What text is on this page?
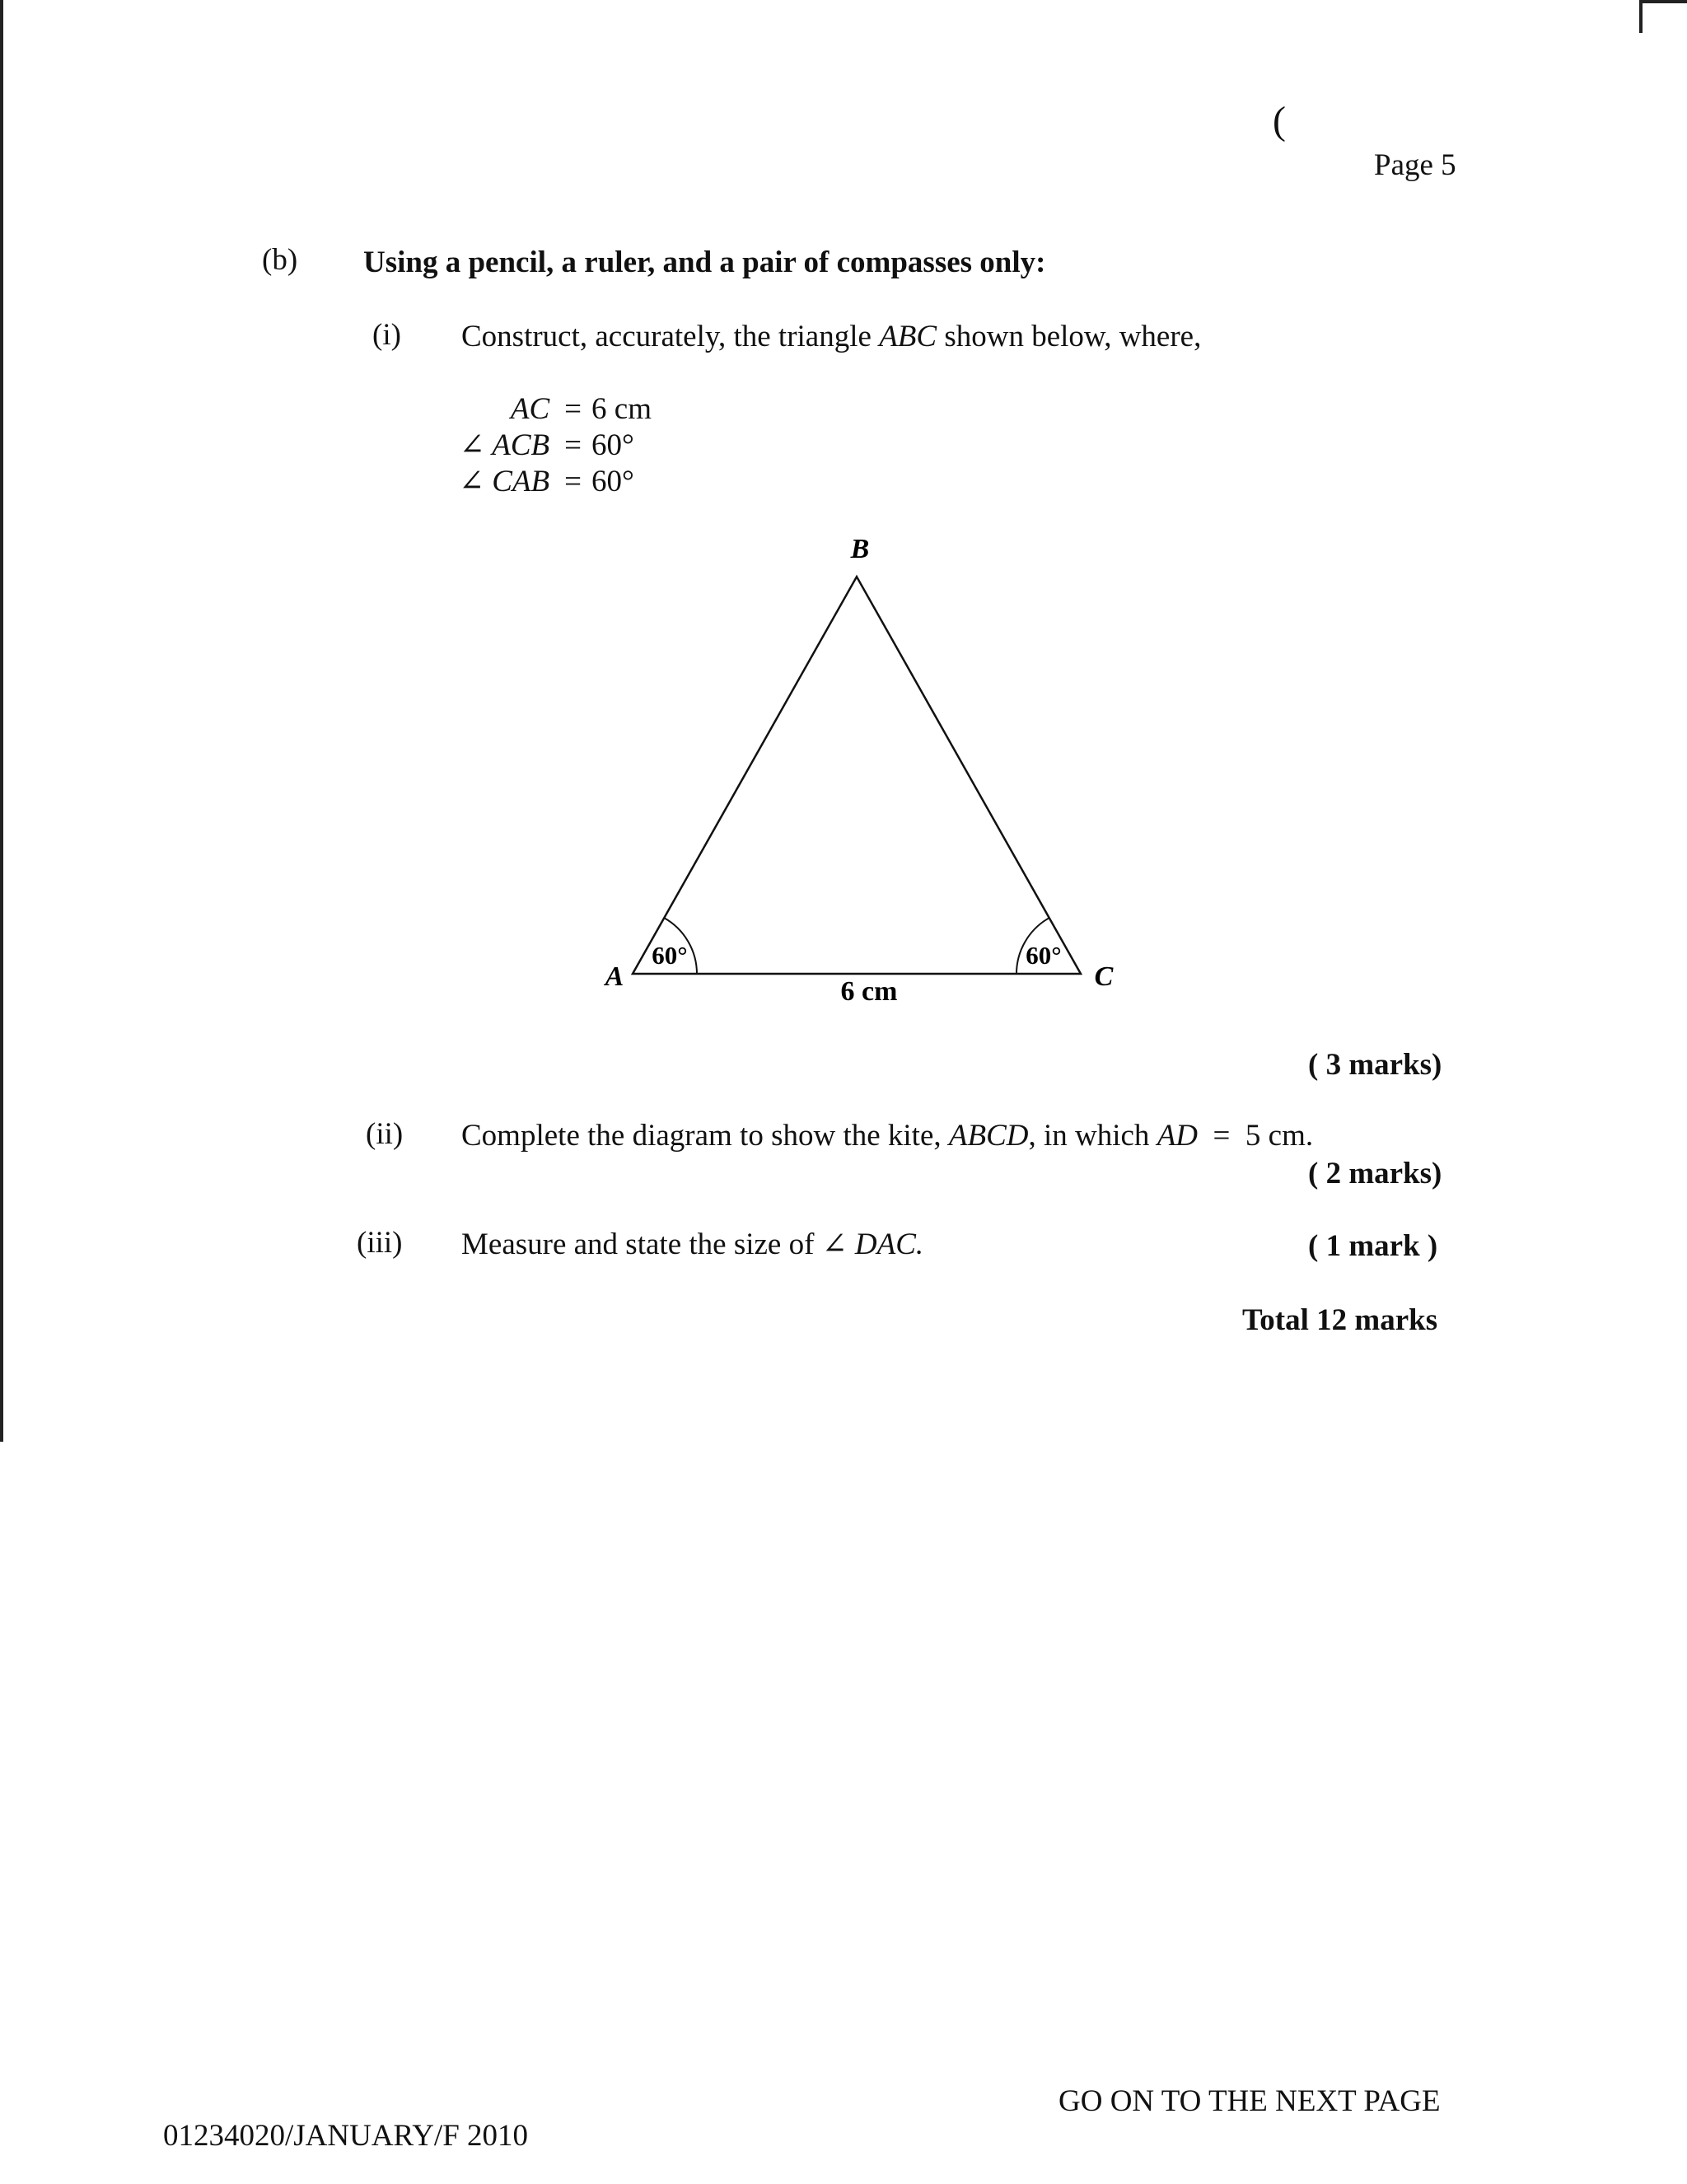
(
Page 5
(b) Using a pencil, a ruler, and a pair of compasses only:
(i) Construct, accurately, the triangle ABC shown below, where,
AC	=	6 cm
∠ ACB	=	60°
∠ CAB	=	60°
B
A	C
60°	60°
6 cm
( 3 marks)
(ii) Complete the diagram to show the kite, ABCD, in which AD = 5 cm.
( 2 marks)
(iii) Measure and state the size of ∠ DAC.	( 1 mark )
Total 12 marks
GO ON TO THE NEXT PAGE
01234020/JANUARY/F 2010
